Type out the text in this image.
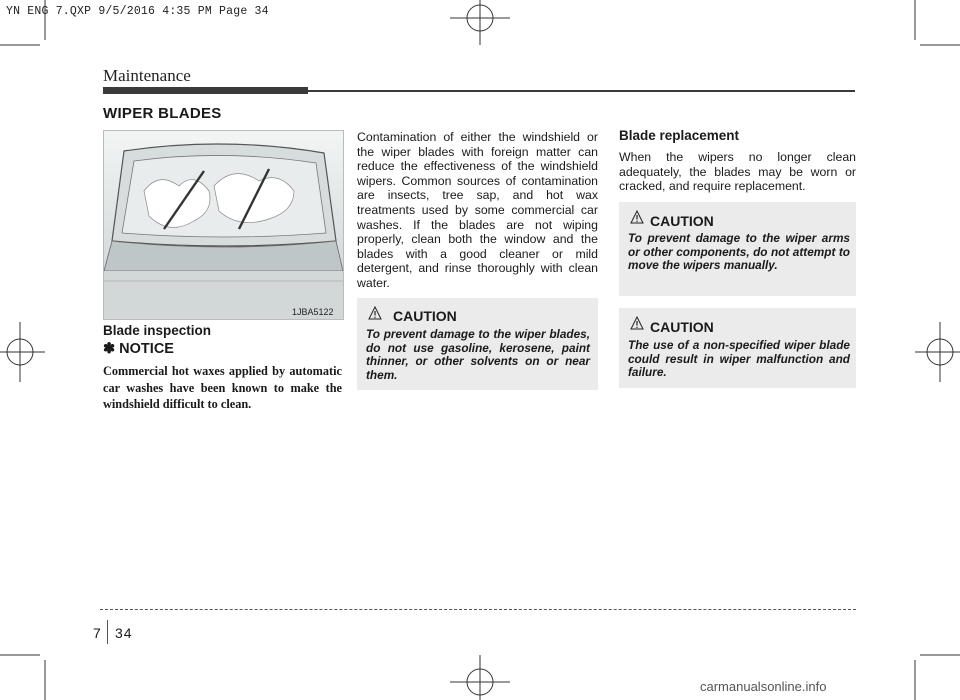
YN ENG 7.QXP 9/5/2016 4:35 PM Page 34
Maintenance
WIPER BLADES
1JBA5122
Blade inspection
✽ NOTICE
Commercial hot waxes applied by automatic car washes have been known to make the windshield difficult to clean.
Contamination of either the windshield or the wiper blades with foreign matter can reduce the effectiveness of the windshield wipers. Common sources of contamination are insects, tree sap, and hot wax treatments used by some commercial car washes. If the blades are not wiping properly, clean both the window and the blades with a good cleaner or mild detergent, and rinse thoroughly with clean water.
CAUTION
To prevent damage to the wiper blades, do not use gasoline, kerosene, paint thinner, or other solvents on or near them.
Blade replacement
When the wipers no longer clean adequately, the blades may be worn or cracked, and require replacement.
CAUTION
To prevent damage to the wiper arms or other components, do not attempt to move the wipers manually.
CAUTION
The use of a non-specified wiper blade could result in wiper malfunction and failure.
7 34
carmanualsonline.info
